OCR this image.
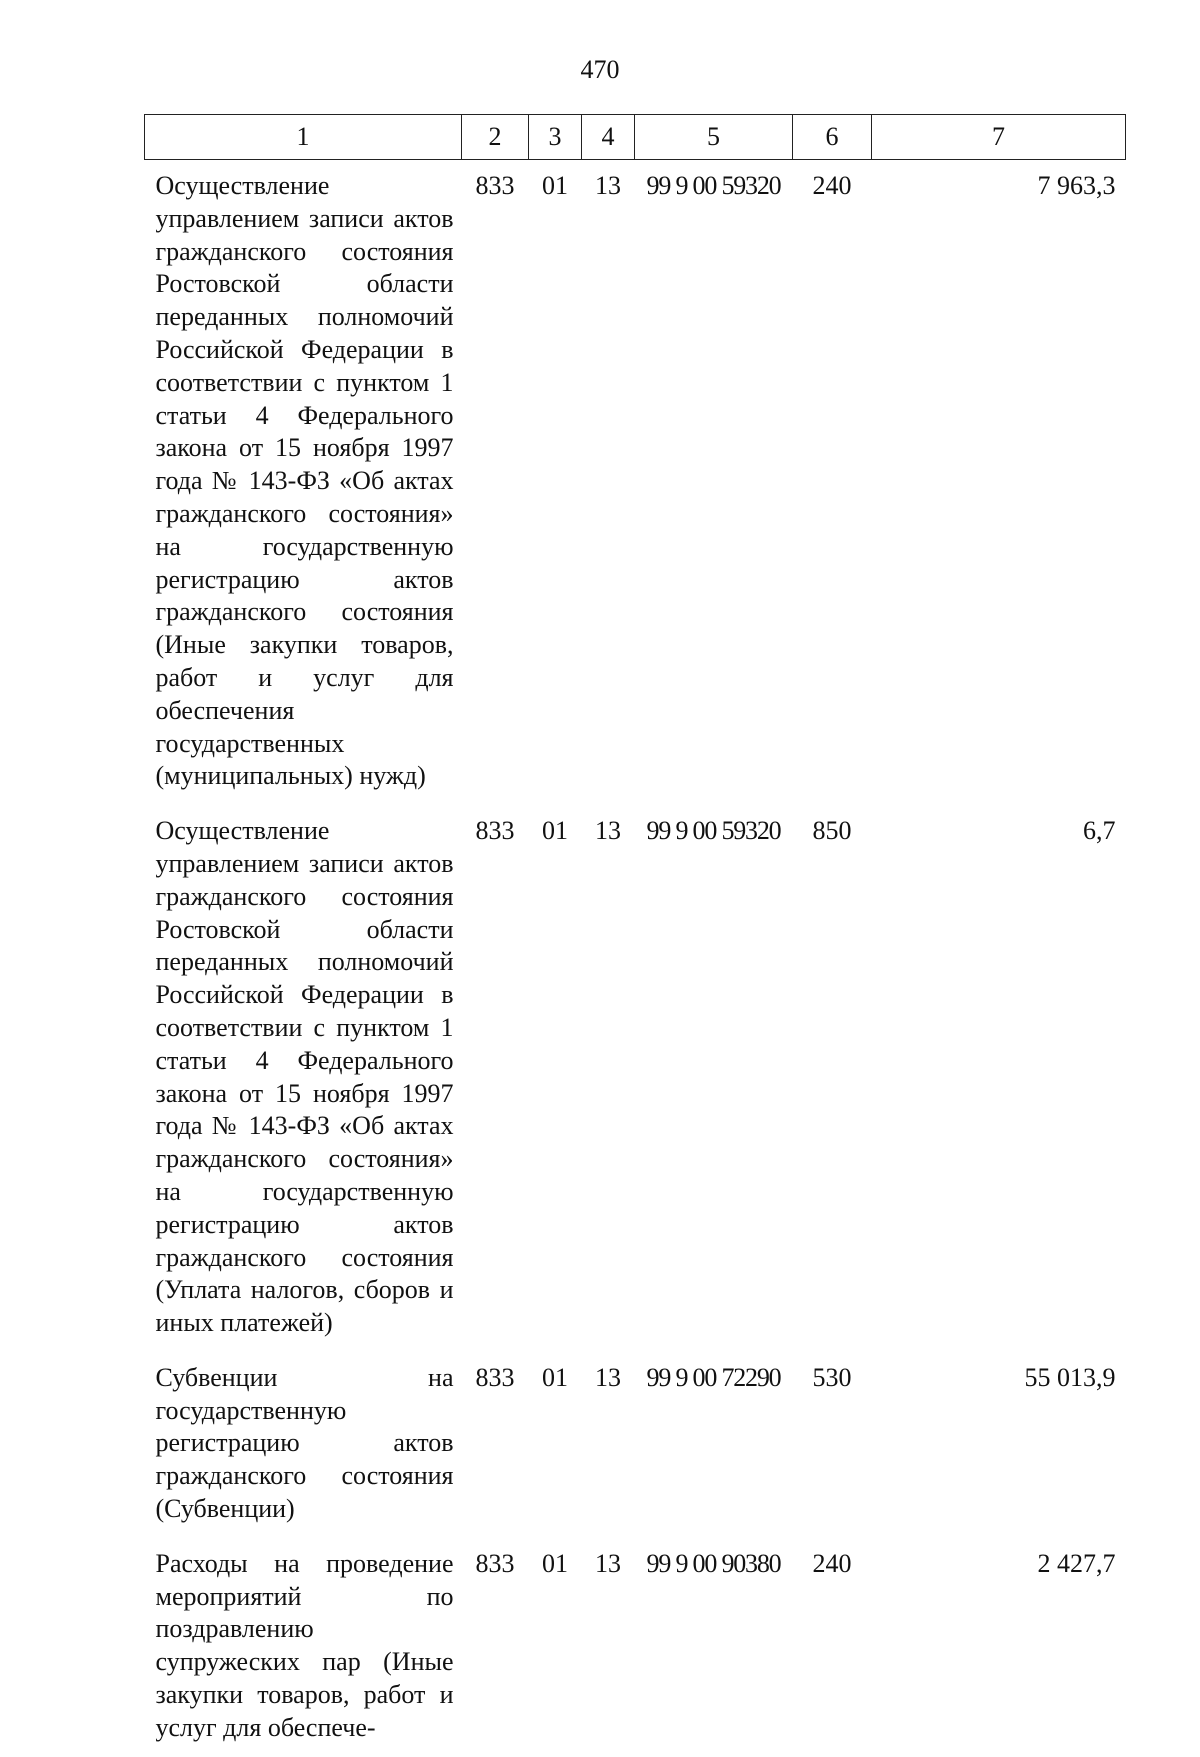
470
1	2	3	4	5	6	7
Осуществление управлением записи актов гражданского состояния Ростовской области переданных полномочий Российской Федерации в соответствии с пунктом 1 статьи 4 Федерального закона от 15 ноября 1997 года № 143-ФЗ «Об актах гражданского состояния» на государственную регистрацию актов гражданского состояния (Иные закупки товаров, работ и услуг для обеспечения государственных (муниципальных) нужд)	833	01	13	99 9 00 59320	240	7 963,3
Осуществление управлением записи актов гражданского состояния Ростовской области переданных полномочий Российской Федерации в соответствии с пунктом 1 статьи 4 Федерального закона от 15 ноября 1997 года № 143-ФЗ «Об актах гражданского состояния» на государственную регистрацию актов гражданского состояния (Уплата налогов, сборов и иных платежей)	833	01	13	99 9 00 59320	850	6,7
Субвенции на государственную регистрацию актов гражданского состояния (Субвенции)	833	01	13	99 9 00 72290	530	55 013,9
Расходы на проведение мероприятий по поздравлению супружеских пар (Иные закупки товаров, работ и услуг для обеспече-	833	01	13	99 9 00 90380	240	2 427,7
